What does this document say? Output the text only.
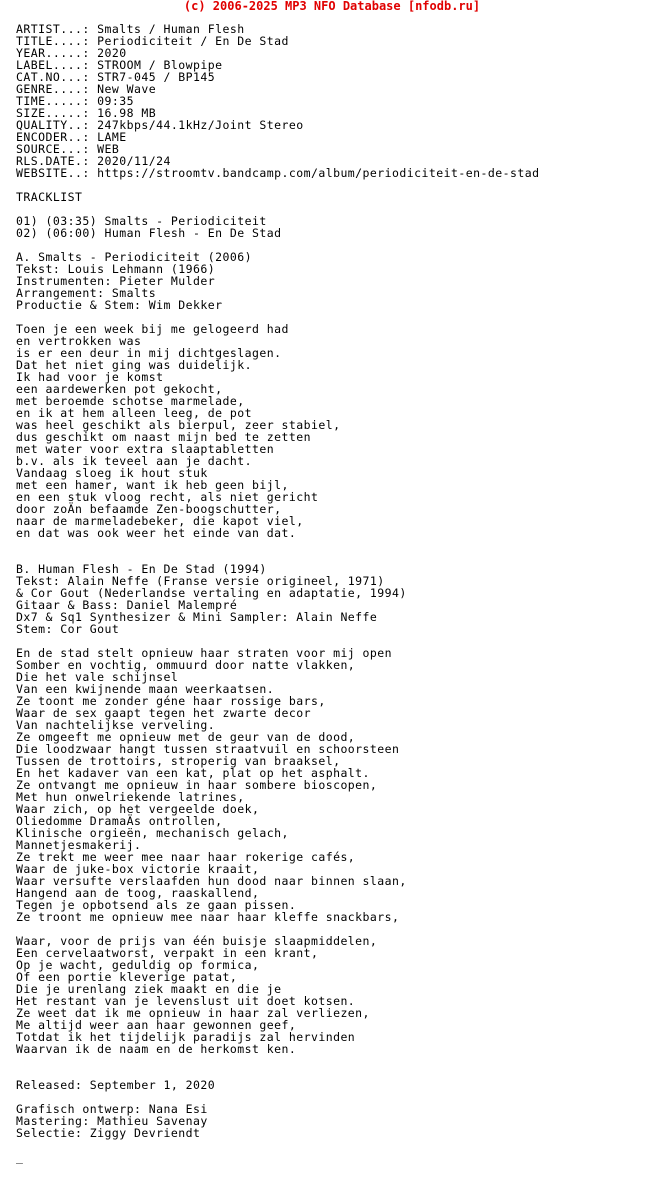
(c) 2006-2025 MP3 NFO Database [nfodb.ru]
ARTIST...: Smalts / Human Flesh
TITLE....: Periodiciteit / En De Stad
YEAR.....: 2020
LABEL....: STROOM / Blowpipe
CAT.NO...: STR7-045 / BP145
GENRE....: New Wave
TIME.....: 09:35
SIZE.....: 16.98 MB
QUALITY..: 247kbps/44.1kHz/Joint Stereo
ENCODER..: LAME
SOURCE...: WEB
RLS.DATE.: 2020/11/24
WEBSITE..: https://stroomtv.bandcamp.com/album/periodiciteit-en-de-stad
TRACKLIST
01) (03:35) Smalts - Periodiciteit
02) (06:00) Human Flesh - En De Stad
A. Smalts - Periodiciteit (2006)
Tekst: Louis Lehmann (1966)
Instrumenten: Pieter Mulder
Arrangement: Smalts
Productie & Stem: Wim Dekker
Toen je een week bij me gelogeerd had
en vertrokken was
is er een deur in mij dichtgeslagen.
Dat het niet ging was duidelijk.
Ik had voor je komst
een aardewerken pot gekocht,
met beroemde schotse marmelade,
en ik at hem alleen leeg, de pot
was heel geschikt als bierpul, zeer stabiel,
dus geschikt om naast mijn bed te zetten
met water voor extra slaaptabletten
b.v. als ik teveel aan je dacht.
Vandaag sloeg ik hout stuk
met een hamer, want ik heb geen bijl,
en een stuk vloog recht, als niet gericht
door zoÄn befaamde Zen-boogschutter,
naar de marmeladebeker, die kapot viel,
en dat was ook weer het einde van dat.
B. Human Flesh - En De Stad (1994)
Tekst: Alain Neffe (Franse versie origineel, 1971)
& Cor Gout (Nederlandse vertaling en adaptatie, 1994)
Gitaar & Bass: Daniel Malempré
Dx7 & Sq1 Synthesizer & Mini Sampler: Alain Neffe
Stem: Cor Gout
En de stad stelt opnieuw haar straten voor mij open
Somber en vochtig, ommuurd door natte vlakken,
Die het vale schijnsel
Van een kwijnende maan weerkaatsen.
Ze toont me zonder géne haar rossige bars,
Waar de sex gaapt tegen het zwarte decor
Van nachtelijkse verveling.
Ze omgeeft me opnieuw met de geur van de dood,
Die loodzwaar hangt tussen straatvuil en schoorsteen
Tussen de trottoirs, stroperig van braaksel,
En het kadaver van een kat, plat op het asphalt.
Ze ontvangt me opnieuw in haar sombere bioscopen,
Met hun onwelriekende latrines,
Waar zich, op het vergeelde doek,
Oliedomme DramaÄs ontrollen,
Klinische orgieën, mechanisch gelach,
Mannetjesmakerij.
Ze trekt me weer mee naar haar rokerige cafés,
Waar de juke-box victorie kraait,
Waar versufte verslaafden hun dood naar binnen slaan,
Hangend aan de toog, raaskallend,
Tegen je opbotsend als ze gaan pissen.
Ze troont me opnieuw mee naar haar kleffe snackbars,
Waar, voor de prijs van één buisje slaapmiddelen,
Een cervelaatworst, verpakt in een krant,
Op je wacht, geduldig op formica,
Of een portie kleverige patat,
Die je urenlang ziek maakt en die je
Het restant van je levenslust uit doet kotsen.
Ze weet dat ik me opnieuw in haar zal verliezen,
Me altijd weer aan haar gewonnen geef,
Totdat ik het tijdelijk paradijs zal hervinden
Waarvan ik de naam en de herkomst ken.
Released: September 1, 2020
Grafisch ontwerp: Nana Esi
Mastering: Mathieu Savenay
Selectie: Ziggy Devriendt
_
